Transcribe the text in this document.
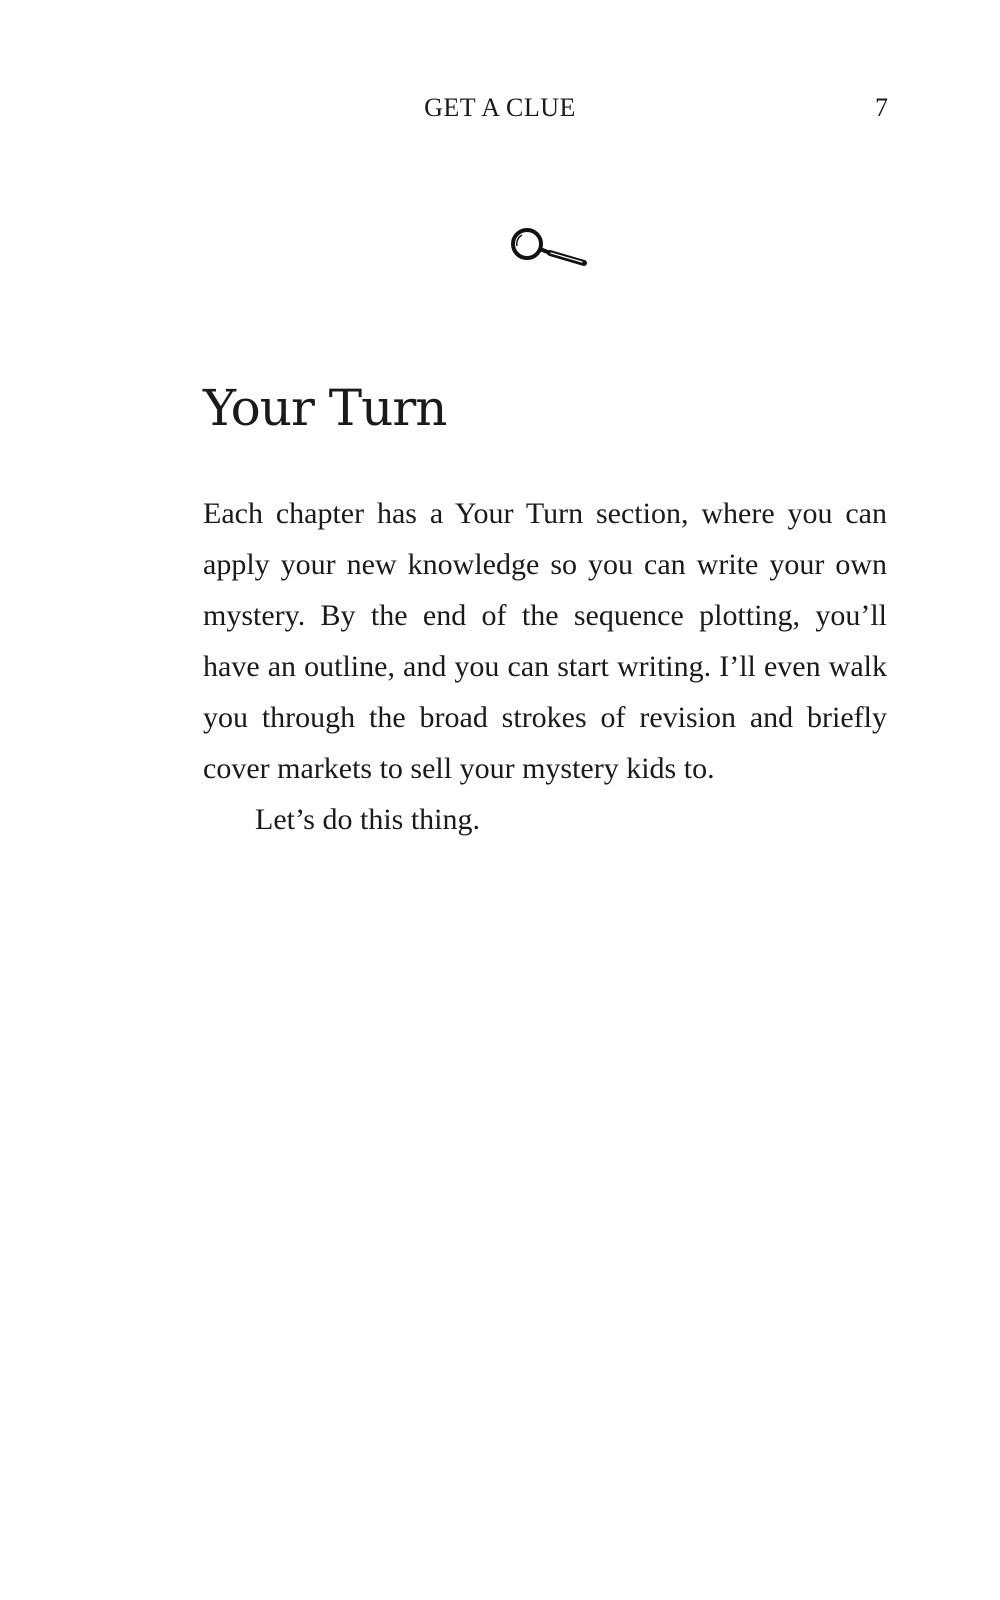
GET A CLUE	7
Your Turn

Each chapter has a Your Turn section, where you can apply your new knowledge so you can write your own mystery. By the end of the sequence plotting, you’ll have an outline, and you can start writing. I’ll even walk you through the broad strokes of revision and briefly cover markets to sell your mystery kids to.

Let’s do this thing.
